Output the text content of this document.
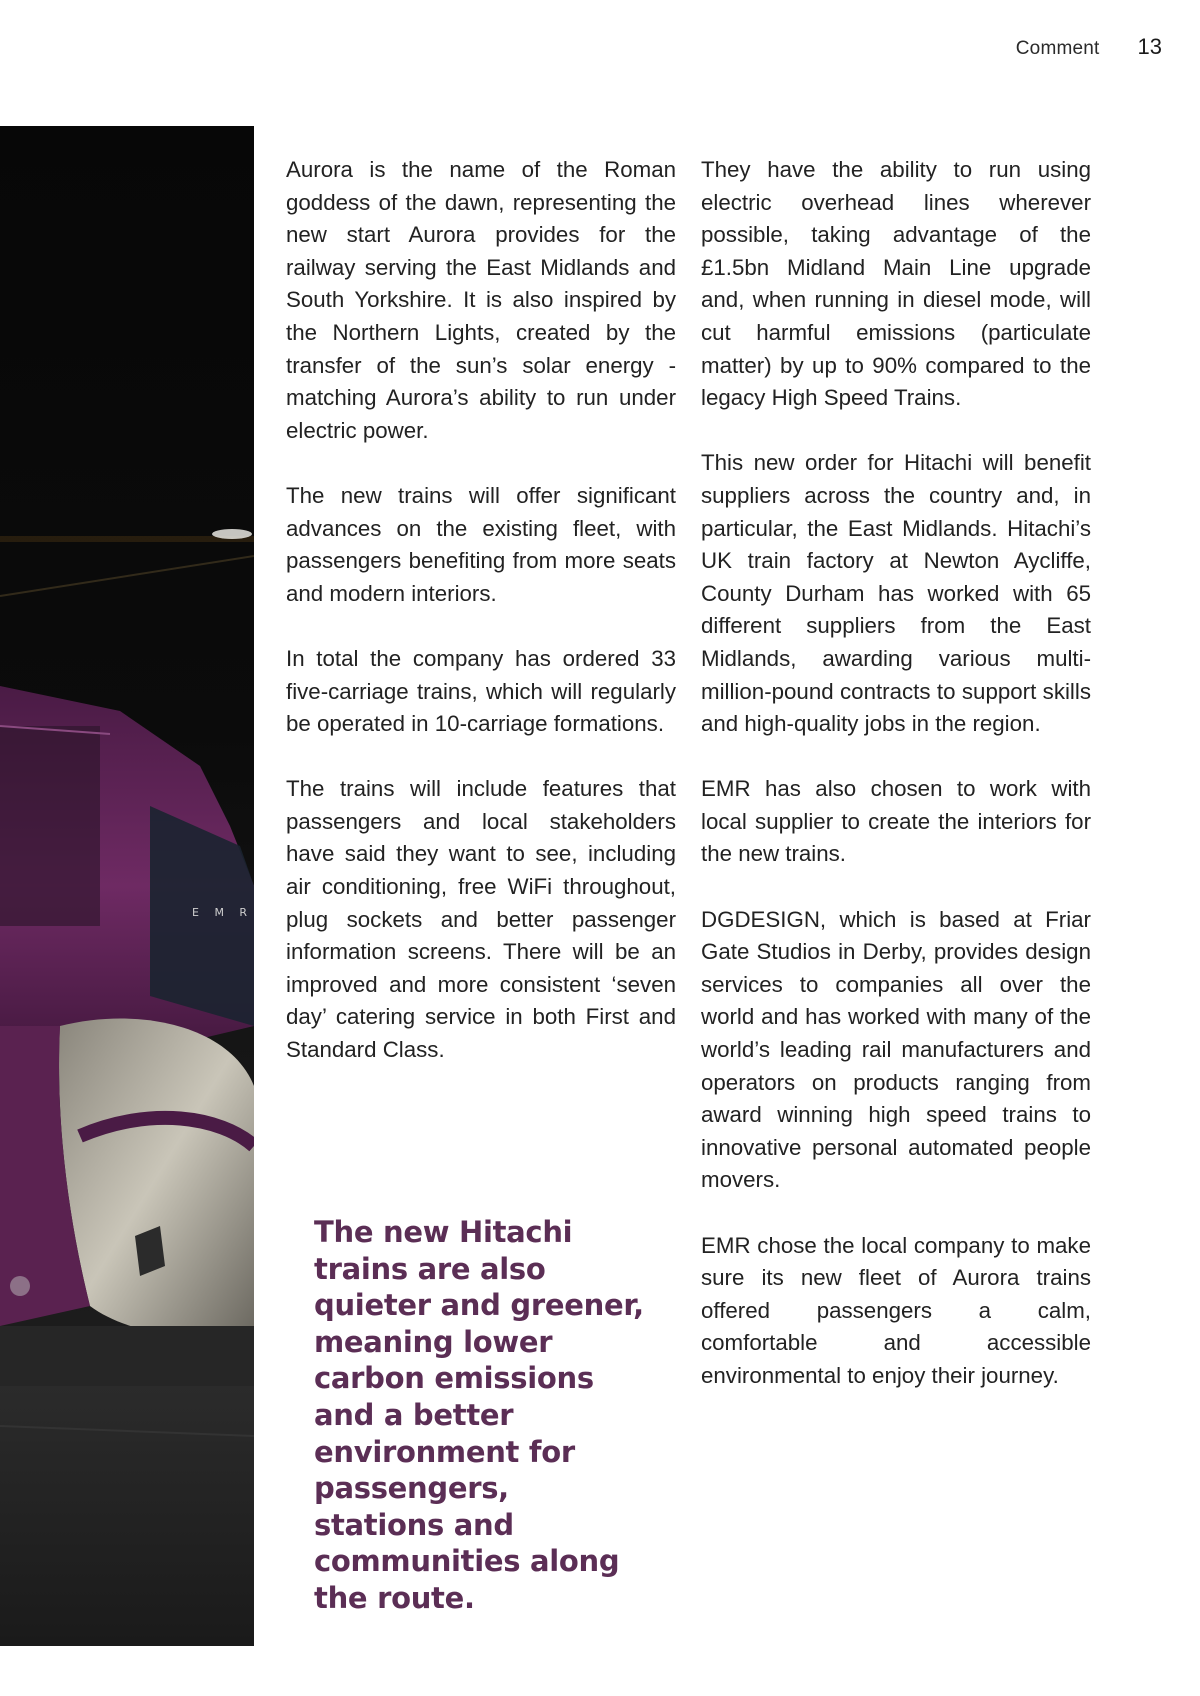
Comment 13
E M R

Aurora is the name of the Roman goddess of the dawn, representing the new start Aurora provides for the railway serving the East Midlands and South Yorkshire. It is also inspired by the Northern Lights, created by the transfer of the sun’s solar energy - matching Aurora’s ability to run under electric power.

The new trains will offer significant advances on the existing fleet, with passengers benefiting from more seats and modern interiors.

In total the company has ordered 33 five-carriage trains, which will regularly be operated in 10-carriage formations.

The trains will include features that passengers and local stakeholders have said they want to see, including air conditioning, free WiFi throughout, plug sockets and better passenger information screens. There will be an improved and more consistent ‘seven day’ catering service in both First and Standard Class.

They have the ability to run using electric overhead lines wherever possible, taking advantage of the £1.5bn Midland Main Line upgrade and, when running in diesel mode, will cut harmful emissions (particulate matter) by up to 90% compared to the legacy High Speed Trains.

This new order for Hitachi will benefit suppliers across the country and, in particular, the East Midlands. Hitachi’s UK train factory at Newton Aycliffe, County Durham has worked with 65 different suppliers from the East Midlands, awarding various multi-million-pound contracts to support skills and high-quality jobs in the region.

EMR has also chosen to work with local supplier to create the interiors for the new trains.

DGDESIGN, which is based at Friar Gate Studios in Derby, provides design services to companies all over the world and has worked with many of the world’s leading rail manufacturers and operators on products ranging from award winning high speed trains to innovative personal automated people movers.

EMR chose the local company to make sure its new fleet of Aurora trains offered passengers a calm, comfortable and accessible environmental to enjoy their journey.

The new Hitachi trains are also quieter and greener, meaning lower carbon emissions and a better environment for passengers, stations and communities along the route.
